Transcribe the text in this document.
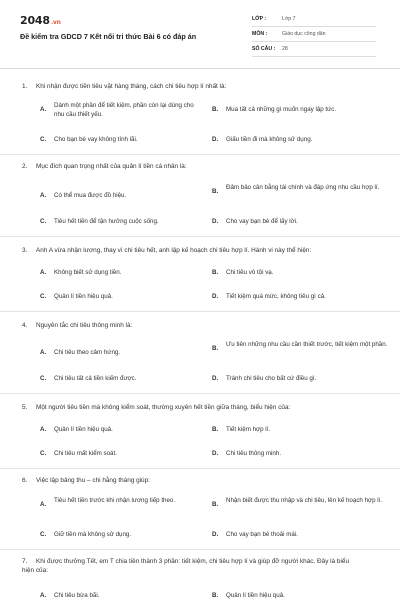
2048.vn
Đề kiểm tra GDCD 7 Kết nối tri thức Bài 6 có đáp án
LỚP :	Lớp 7
MÔN :	Giáo dục công dân
SỐ CÂU :	28
1. Khi nhận được tiền tiêu vặt hàng tháng, cách chi tiêu hợp lí nhất là:
A.
Dành một phần để tiết kiệm, phần còn lại dùng cho nhu cầu thiết yếu.
B.	Mua tất cả những gì muốn ngay lập tức.
C.	Cho bạn bè vay không tính lãi.	D.	Giấu tiền đi mà không sử dụng.
2. Mục đích quan trọng nhất của quản lí tiền cá nhân là:
A.	Có thể mua được đồ hiệu.
B.
Đảm bảo cân bằng tài chính và đáp ứng nhu cầu hợp lí.
C.	Tiêu hết tiền để tận hưởng cuộc sống.	D.	Cho vay bạn bè để lấy lời.
3. Anh A vừa nhận lương, thay vì chi tiêu hết, anh lập kế hoạch chi tiêu hợp lí. Hành vi này thể hiện:
A.	Không biết sử dụng tiền.	B.	Chi tiêu vô tội vạ.
C.	Quản lí tiền hiệu quả.	D.	Tiết kiệm quá mức, không tiêu gì cả.
4. Nguyên tắc chi tiêu thông minh là:
A.	Chi tiêu theo cảm hứng.
B.
Ưu tiên những nhu cầu cần thiết trước, tiết kiệm một phần.
C.	Chi tiêu tất cả tiền kiếm được.	D.	Tránh chi tiêu cho bất cứ điều gì.
5. Một người tiêu tiền mà không kiểm soát, thường xuyên hết tiền giữa tháng, biểu hiện của:
A.	Quản lí tiền hiệu quả.	B.	Tiết kiệm hợp lí.
C.	Chi tiêu mất kiểm soát.	D.	Chi tiêu thông minh.
6. Việc lập bảng thu – chi hằng tháng giúp:
A.
Tiêu hết tiền trước khi nhận lương tiếp theo.
B.
Nhận biết được thu nhập và chi tiêu, lên kế hoạch hợp lí.
C.	Giữ tiền mà không sử dụng.	D.	Cho vay bạn bè thoải mái.
7. Khi được thưởng Tết, em T chia tiền thành 3 phần: tiết kiệm, chi tiêu hợp lí và giúp đỡ người khác. Đây là biểu hiện của:
A.	Chi tiêu bừa bãi.	B.	Quản lí tiền hiệu quả.
